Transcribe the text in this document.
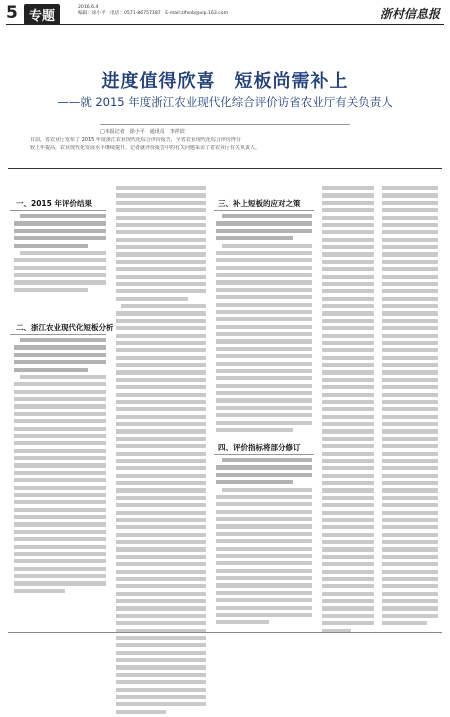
5 专题
2016.6.4
编辑：徐小平　电话：0571-86757187　E-mail:zlfxnb@vip.163.com	浙村信息报
进度值得欣喜　短板尚需补上
——就 2015 年度浙江农业现代化综合评价访省农业厅有关负责人
□本报记者　徐小平　通讯员　李祥滨
日前，省农业厅发布了 2015 年度浙江农业现代化综合评价报告，全省农业现代化综合评价得分
较上年提高，农业现代化发展水平继续提升。记者就评价报告中的有关问题采访了省农业厅有关负责人。
一、2015 年评价结果
二、浙江农业现代化短板分析
三、补上短板的应对之策
四、评价指标将部分修订
